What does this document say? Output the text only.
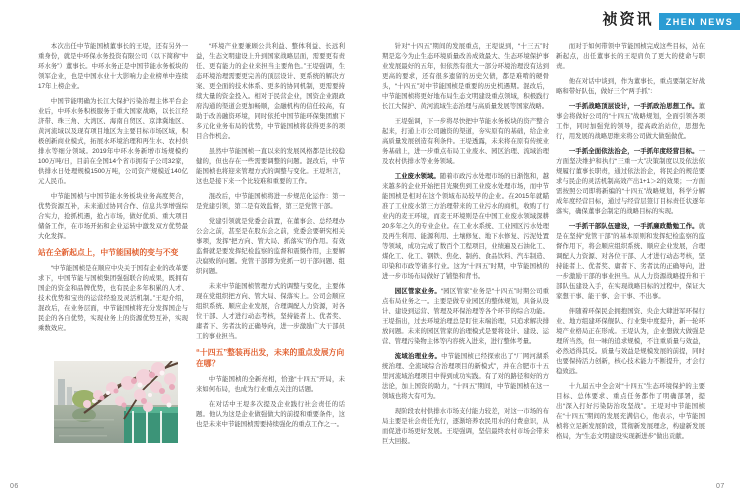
祯资讯	ZHEN NEWS

本次出任中节能国桢董事长的王堤，还有另外一重身份，就是中环保水务投资有限公司（以下简称“中环水务”）董事长。中环水务正是中国节能水务板块的领军企业，也是中国水业十大影响力企业榜单中连续17年上榜企业。

中国节能明确为长江大保护污染治理主体平台企业后，中环水务积极服务于重大国家战略，以长江经济带、珠三角、大湾区、海南自贸区、京津冀地区、黄河流域以及现有项目地区为主要目标市场区域，积极创新商业模式，拓展水环境治理和再生水、农村供排水等细分领域。2019年中环水务新增市场规模约100万吨/日，目前在全国14个省市拥有子公司32家，供排水日处理规模1500万吨，公司资产规模近140亿元人民币。

中节能国桢与中国节能水务板块业务高度契合，优势资源互补，未来通过协同合作、信息共享增强综合实力，抢抓机遇，抢占市场，做好优质、重大项目储备工作，在市场开拓和企业运转中激发双方优势最大化发挥。

站在全新起点上，中节能国桢的变与不变

“中节能国桢是在顺应中央关于国有企业的改革要求下，中国节能与国桢集团强强联合的成果，既拥有国企的资金和品牌优势，也有民企多年积累的人才、技术优势和宝贵的运营经验及灵活机制。”王堤介绍，混改后，在业务层面，中节能国桢将充分发挥国企与民企的各自优势，实现业务上的资源优势互补，实现乘数效应。

“环境产业要兼顾公共利益、整体利益、长远利益，生态文明建设上升到国家战略层面，需要更有责任、更有能力的企业来担当主要角色。”王堤强调，生态环境治理需要更完善的顶层设计、更系统的解决方案、更全面的技术体系、更多的协同机制，更需要持续大量的资金投入。相对于民营企业，国资企业跟政府沟通的渠道会更加畅顺，金融机构的信任较高，有助于改善融资环境，同时依托中国节能环保集团旗下多元化业务布局的优势，中节能国桢将获得更多的项目合作机会。

虽然中节能国桢一直以来的发展风格都是比较稳健的，但也存在一些需要调整的问题。混改后，中节能国桢也将迎来管理方式的调整与变化。王堤坦言，这也是接下来一个比较难和重要的工作。

混改后，中节能国桢将进一步规范化运作：第一是党建引领，第二是有效监督，第三是党管干部。

党建引领就是党委会前置，在董事会、总经理办公会之前，甚至是在股东会之前，党委会要研究相关事项，发挥“把方向、管大局、抓落实”的作用。有效监督就是要发挥纪检监察的监督和震慑作用，主要解决腐败的问题。党管干部即为党抓一切干部问题、组织问题。

未来中节能国桢管理方式的调整与变化，主要体现在党组织把方向、管大局、保落实上。公司会顺应组织系统、顺应企业发展，合理调配人力资源，对各位干部、人才进行动态考核，坚持能者上、优者奖、庸者下、劣者汰的正确导向，进一步激励广大干部员工的事业担当。

“十四五”整装再出发，未来的重点发展方向在哪？

中节能国桢的全新亮相，恰逢“十四五”开局，未来如何布局，也成为行业重点关注的话题。

在对话中王堤多次提及企业践行社会责任的话题。他认为这是企业做强做大的前提和重要条件，这也是未来中节能国桢需要持续强化的重点工作之一。

针对“十四五”期间的发展重点，王堤说到，“十三五”时期是迄今为止生态环境质量改善成效最大、生态环境保护事业发展最好的五年，但依然有很大一部分环境治理没有达到更高的要求，还有很多遗留的历史欠债，都是难啃的硬骨头，“十四五”对中节能国桢是重要的历史机遇期。混改后，中节能国桢将更好地布局生态文明建设重点领域，积极践行长江大保护、黄河流域生态治理与高质量发展等国家战略。

王堤强调，下一步将尽快把中节能水务板块的资产整合起来，打通上市公司融资的渠道，夯实原有的基础，给企业高质量发展创造有利条件。王堤透露，未来将在原有传统业务基础上，进一步重点布局工业废水、园区治理、流域治理及农村供排水等业务领域。

工业废水领域。随着市政污水处理市场的日渐饱和，越来越多的企业开始把目光聚焦到工业废水处理市场，而中节能国桢是相对在这个领域布局较早的企业。在2015年就瞄准了工业废水第三方治理带来的工业污水的商机，收购了行业内的麦王环境，而麦王环境则是在中国工业废水领域深耕20多年之久的专业企业。在工业水系统、工业园区污水处理及再生利用、能源利用、土壤修复、地下水修复、污泥处置等领域，成功完成了数百个工程项目，业绩遍及石油化工、煤化工、化工、钢铁、焦化、制药、食品饮料、汽车制造、印染和市政等诸多行业。这为“十四五”时期，中节能国桢的进一步市场布局做好了铺垫和背书。

园区管家业务。“园区管家”业务是“十四五”时期公司重点布局业务之一。主要是做专业园区的整体规划，具备从设计、建设到运营、管理及环保治理等各个环节的综合功能。王堤指出，过去环境治理总是盯住末端治理，只追求解决排放问题。未来的园区管家的治理模式是要将设计、建设、运营、管理污染物主体等内容统入进来，进行整体考量。

流域治理业务。中节能国桢已经探索出了“厂网河湖系统治理、全流域综合治理项目的新模式”，并在合肥市十五里河流域治理项目中得到成功实践。有了对的路径和好的方法论，加上国资的助力，“十四五”期间，中节能国桢在这一领域也将大有可为。

现阶段农村供排水市场支付能力较差，对这一市场的布局主要是社会责任先行，逐渐培养农民用水的付费意识，从而促进市场更好发展。王堤强调，坚信最终农村市场会带来巨大回报。

而对于如何带领中节能国桢完成这些目标，站在新起点，出任董事长的王堤肩负了更大的使命与职责。

他在对话中谈到，作为董事长，重点要制定好战略和带好队伍，做好三个“两手抓”：

一手抓战略顶层设计，一手抓政治思想工作。董事会将做好公司的“十四五”战略规划，全面引领各项工作，同时加强党的领导，提高政治站位，思想先行，用发展的战略思维来将公司做大做强做优。

一手抓全面依法治企，一手抓年度经营目标。一方面坚决维护和执行“三重一大”决策制度以及依法依规履行董事长职责，通过依法治企，将民企的规范要求与民企的灵活机制高效产出1+1＞2的效果；一方面需按照公司即将新编的“十四五”战略规划，科学分解成年度经营目标，通过与经营层签订目标责任状逐年落实，确保董事会制定的战略目标的实现。

一手抓干部队伍建设，一手抓廉政勤勉工作。就是在坚持“党管干部”的基本原则和发挥纪检监察的监督作用下，将会顺应组织系统、顺应企业发展，合理调配人力资源、对各位干部、人才进行动态考核，坚持能者上、优者奖、庸者下、劣者汰的正确导向，进一步激励干部的事业担当。从人力资源战略提升和干部队伍建设入手，在实现战略目标的过程中，保证大家想干事、能干事、会干事、不出事。

伴随着环保民企拥抱国资、央企大肆进军环保行业、地方组建环保舰队、行业集中度提升，新一轮环境产业格局正在形成。王堤认为，企业想做大做强是理所当然，但一味的追求规模，不注重质量与效益，必然适得其反。质量与效益是规模发展的前提，同时也要保持活力创新，核心技术能力不断提升，才会行稳致远。

十九届五中全会对“十四五”生态环境保护的主要目标、总体要求、重点任务都作了明确部署，提出“深入打好污染防治攻坚战”。王堤对中节能国桢在“十四五”期间的发展充满信心，他表示，中节能国桢将立足新发展阶段，贯彻新发展理念，构建新发展格局，为“生态文明建设实现新进步”做出贡献。

06	07
